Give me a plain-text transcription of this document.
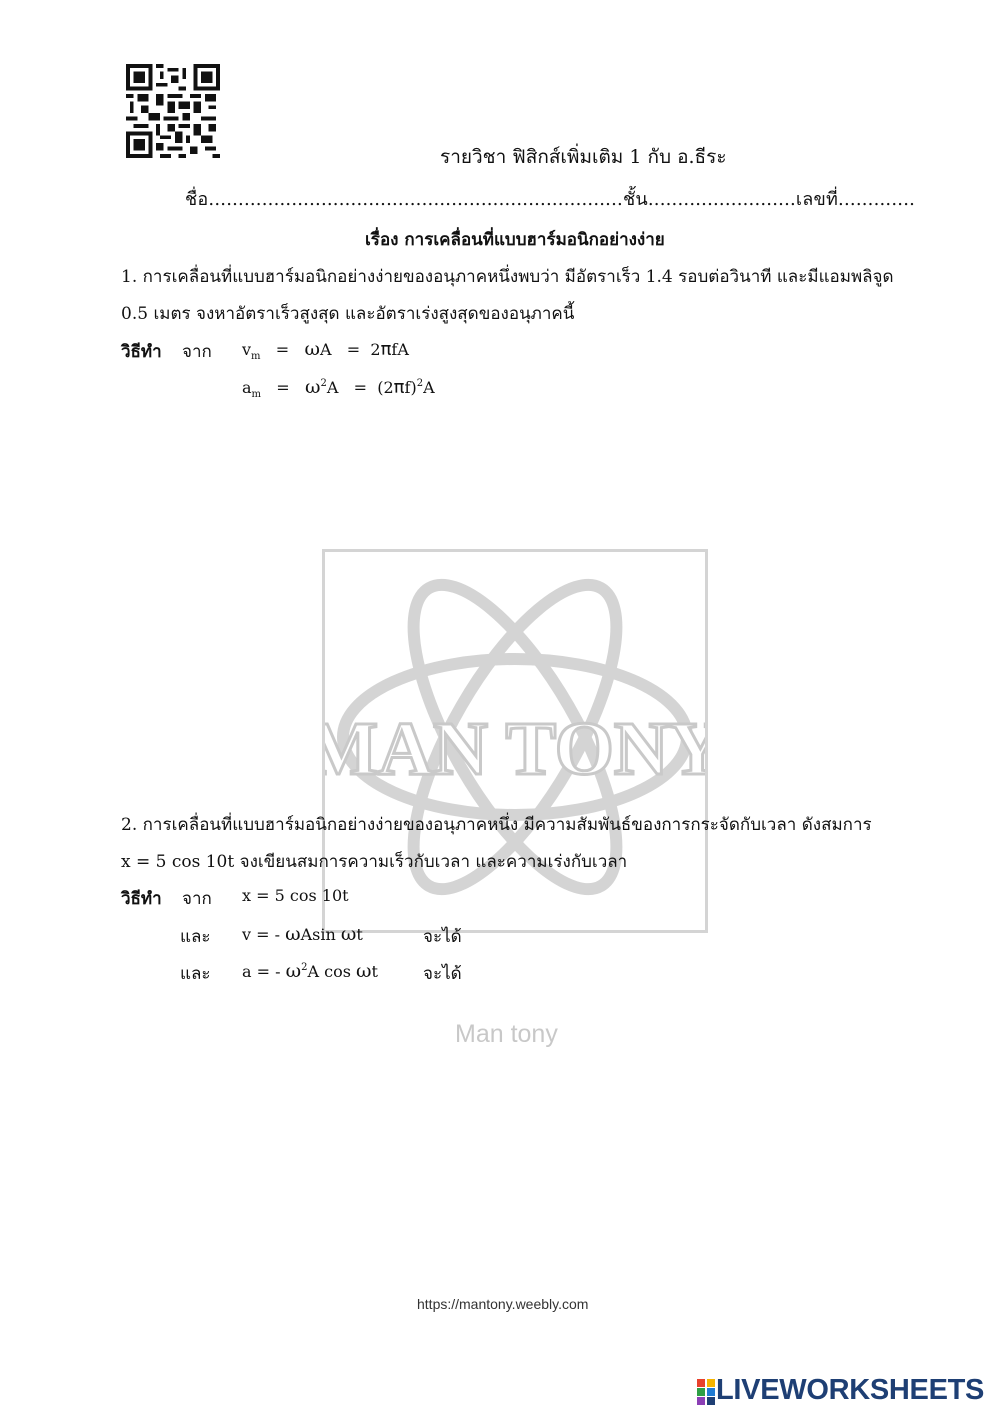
รายวิชา ฟิสิกส์เพิ่มเติม 1 กับ อ.ธีระ
ชื่อ......................................................................ชั้น.........................เลขที่.............
เรื่อง การเคลื่อนที่แบบฮาร์มอนิกอย่างง่าย
1. การเคลื่อนที่แบบฮาร์มอนิกอย่างง่ายของอนุภาคหนึ่งพบว่า มีอัตราเร็ว 1.4 รอบต่อวินาที และมีแอมพลิจูด
0.5 เมตร จงหาอัตราเร็วสูงสุด และอัตราเร่งสูงสุดของอนุภาคนี้
วิธีทำ จาก $v_m = \omega A = 2\pi fA$
$a_m = \omega^2A = (2\pi f)^2A$
MAN TONY
2. การเคลื่อนที่แบบฮาร์มอนิกอย่างง่ายของอนุภาคหนึ่ง มีความสัมพันธ์ของการกระจัดกับเวลา ดังสมการ
x = 5 cos 10t จงเขียนสมการความเร็วกับเวลา และความเร่งกับเวลา
วิธีทำ จาก x = 5 cos 10t
และ v = - ωAsin ωt	จะได้
และ a = - $\omega^2A$ cos ωt	จะได้
Man tony
https://mantony.weebly.com
LIVEWORKSHEETS
